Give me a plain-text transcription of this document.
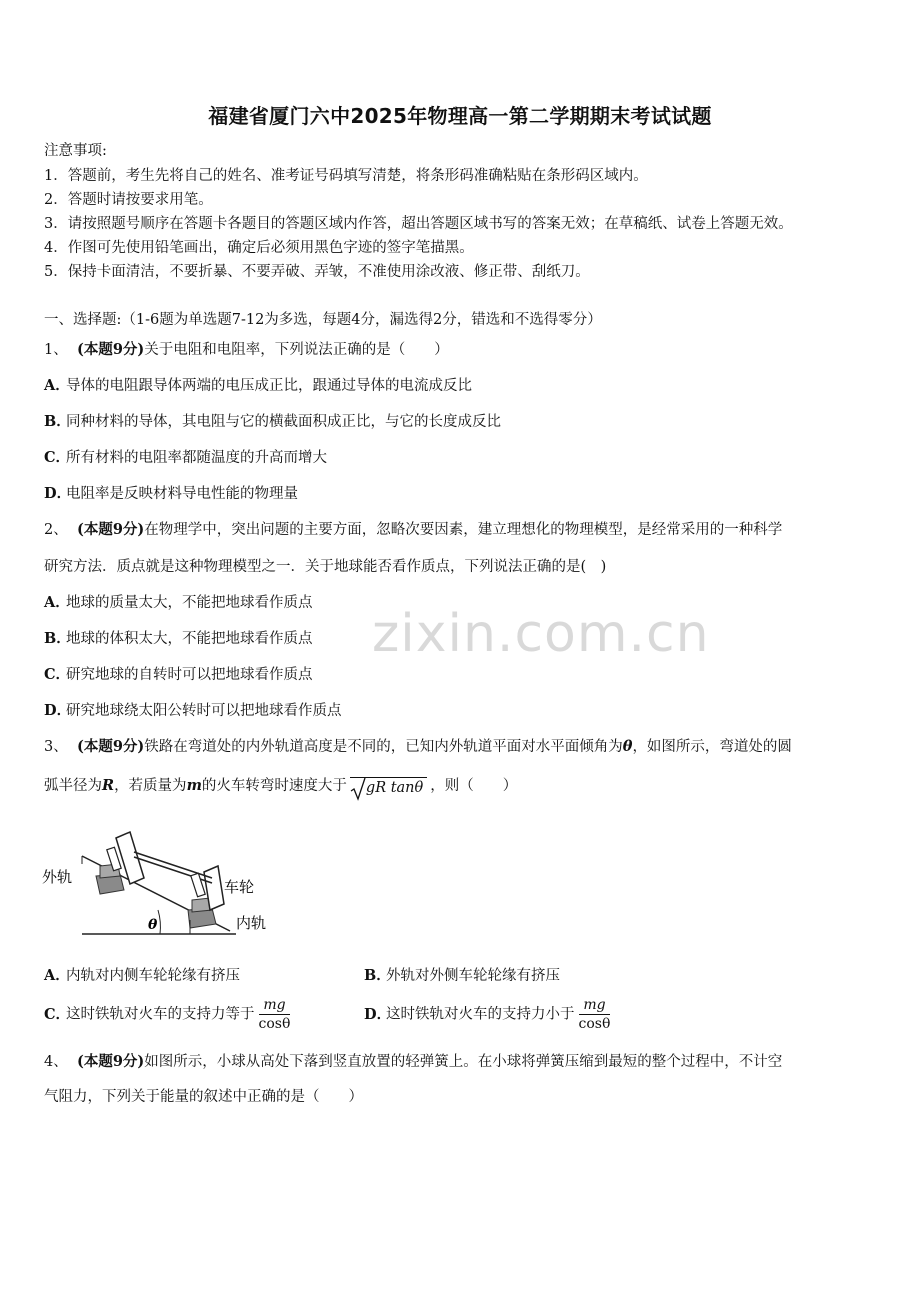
zixin.com.cn
福建省厦门六中2025年物理高一第二学期期末考试试题
注意事项:
1．答题前，考生先将自己的姓名、准考证号码填写清楚，将条形码准确粘贴在条形码区域内。
2．答题时请按要求用笔。
3．请按照题号顺序在答题卡各题目的答题区域内作答，超出答题区域书写的答案无效；在草稿纸、试卷上答题无效。
4．作图可先使用铅笔画出，确定后必须用黑色字迹的签字笔描黑。
5．保持卡面清洁，不要折暴、不要弄破、弄皱，不准使用涂改液、修正带、刮纸刀。
一、选择题:（1-6题为单选题7-12为多选，每题4分，漏选得2分，错选和不选得零分）
1、 (本题9分)关于电阻和电阻率，下列说法正确的是（　　）
A．导体的电阻跟导体两端的电压成正比，跟通过导体的电流成反比
B．同种材料的导体，其电阻与它的横截面积成正比，与它的长度成反比
C．所有材料的电阻率都随温度的升高而增大
D．电阻率是反映材料导电性能的物理量
2、 (本题9分)在物理学中，突出问题的主要方面，忽略次要因素，建立理想化的物理模型，是经常采用的一种科学
研究方法．质点就是这种物理模型之一．关于地球能否看作质点，下列说法正确的是(　)
A．地球的质量太大，不能把地球看作质点
B．地球的体积太大，不能把地球看作质点
C．研究地球的自转时可以把地球看作质点
D．研究地球绕太阳公转时可以把地球看作质点
3、 (本题9分)铁路在弯道处的内外轨道高度是不同的，已知内外轨道平面对水平面倾角为θ，如图所示，弯道处的圆
弧半径为R，若质量为m的火车转弯时速度大于 gR tanθ ，则（　　）
外轨
车轮
内轨
θ
A．内轨对内侧车轮轮缘有挤压	B．外轨对外侧车轮轮缘有挤压
C．这时铁轨对火车的支持力等于 $\frac{mg}{\cos\theta}$	D．这时铁轨对火车的支持力小于 $\frac{mg}{\cos\theta}$
4、 (本题9分)如图所示，小球从高处下落到竖直放置的轻弹簧上。在小球将弹簧压缩到最短的整个过程中，不计空
气阻力，下列关于能量的叙述中正确的是（　　）
